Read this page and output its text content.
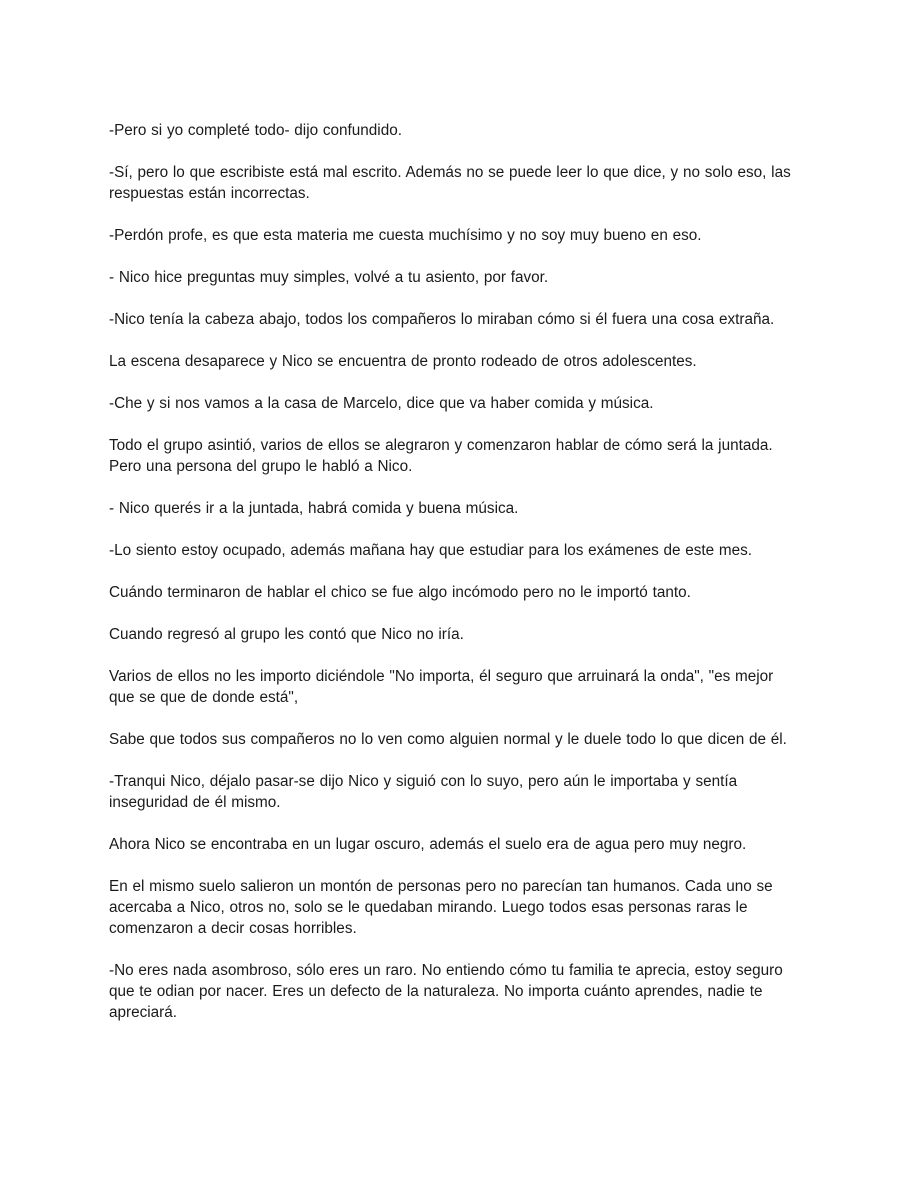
-Pero si yo completé todo- dijo confundido.

-Sí, pero lo que escribiste está mal escrito. Además no se puede leer lo que dice, y no solo eso, las respuestas están incorrectas.

-Perdón profe, es que esta materia me cuesta muchísimo y no soy muy bueno en eso.

- Nico hice preguntas muy simples, volvé a tu asiento, por favor.

-Nico tenía la cabeza abajo, todos los compañeros lo miraban cómo si él fuera una cosa extraña.

La escena desaparece y Nico se encuentra de pronto rodeado de otros adolescentes.

-Che y si nos vamos a la casa de Marcelo, dice que va haber comida y música.

Todo el grupo asintió, varios de ellos se alegraron y comenzaron hablar de cómo será la juntada. Pero una persona del grupo le habló a Nico.

- Nico querés ir a la juntada, habrá comida y buena música.

-Lo siento estoy ocupado, además mañana hay que estudiar para los exámenes de este mes.

Cuándo terminaron de hablar el chico se fue algo incómodo pero no le importó tanto.

Cuando regresó al grupo les contó que Nico no iría.

Varios de ellos no les importo diciéndole "No importa, él seguro que arruinará la onda", "es mejor que se que de donde está",

Sabe que todos sus compañeros no lo ven como alguien normal y le duele todo lo que dicen de él.

-Tranqui Nico, déjalo pasar-se dijo Nico y siguió con lo suyo, pero aún le importaba y sentía inseguridad de él mismo.

Ahora Nico se encontraba en un lugar oscuro, además el suelo era de agua pero muy negro.

En el mismo suelo salieron un montón de personas pero no parecían tan humanos. Cada uno se acercaba a Nico, otros no, solo se le quedaban mirando. Luego todos esas personas raras le comenzaron a decir cosas horribles.

-No eres nada asombroso, sólo eres un raro. No entiendo cómo tu familia te aprecia, estoy seguro que te odian por nacer. Eres un defecto de la naturaleza. No importa cuánto aprendes, nadie te apreciará.
